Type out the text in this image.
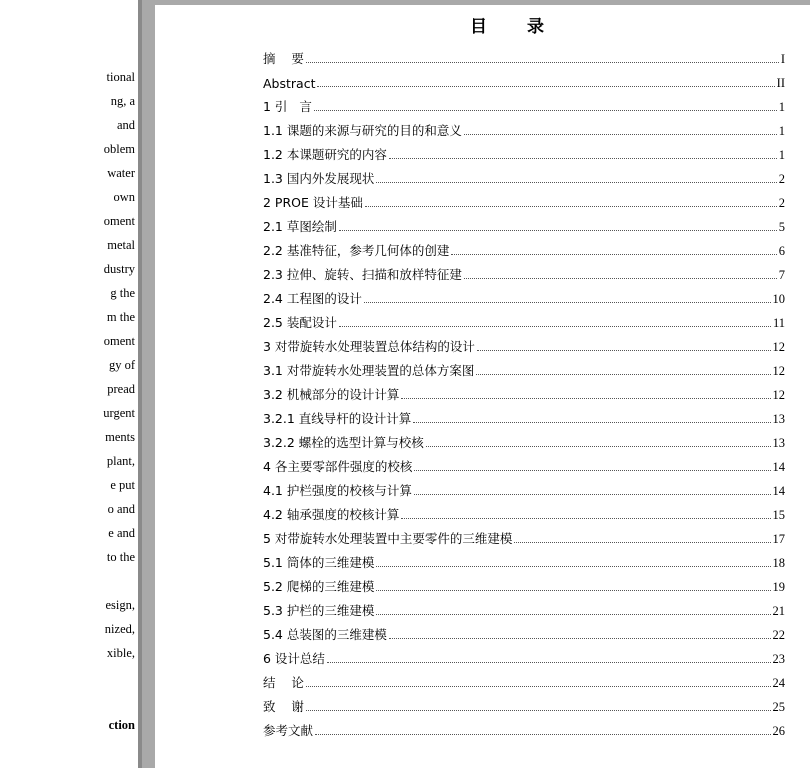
tional
ng, a
and
oblem
water
own
oment
metal
dustry
g the
m the
oment
gy of
pread
urgent
ments
plant,
e put
o and
e and
to the
esign,
nized,
xible,
ction
目 录
摘    要	I
Abstract	II
1 引   言	1
1.1 课题的来源与研究的目的和意义	1
1.2 本课题研究的内容	1
1.3 国内外发展现状	2
2 PROE 设计基础	2
2.1 草图绘制	5
2.2 基准特征，参考几何体的创建	6
2.3 拉伸、旋转、扫描和放样特征建	7
2.4 工程图的设计	10
2.5 装配设计	11
3 对带旋转水处理装置总体结构的设计	12
3.1 对带旋转水处理装置的总体方案图	12
3.2 机械部分的设计计算	12
3.2.1 直线导杆的设计计算	13
3.2.2 螺栓的选型计算与校核	13
4 各主要零部件强度的校核	14
4.1 护栏强度的校核与计算	14
4.2 轴承强度的校核计算	15
5 对带旋转水处理装置中主要零件的三维建模	17
5.1 筒体的三维建模	18
5.2 爬梯的三维建模	19
5.3 护栏的三维建模	21
5.4 总装图的三维建模	22
6 设计总结	23
结    论	24
致    谢	25
参考文献	26
